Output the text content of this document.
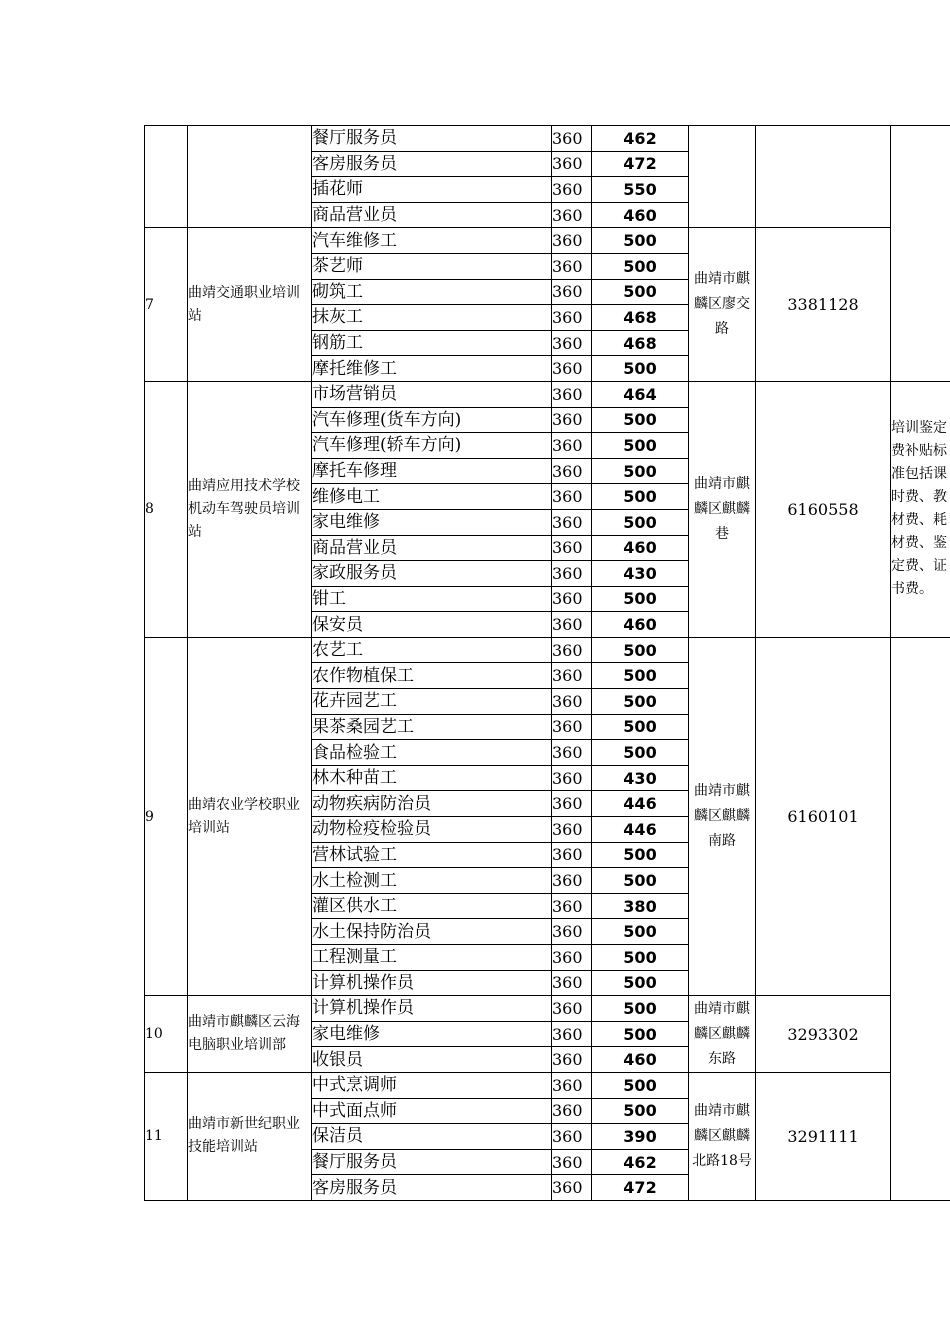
		餐厅服务员	360	462			
		客房服务员	360	472			
		插花师	360	550			
		商品营业员	360	460			
7	曲靖交通职业培训站	汽车维修工	360	500	曲靖市麒麟区廖交路	3381128	
		茶艺师	360	500			
		砌筑工	360	500			
		抹灰工	360	468			
		钢筋工	360	468			
		摩托维修工	360	500			
8	曲靖应用技术学校机动车驾驶员培训站	市场营销员	360	464	曲靖市麒麟区麒麟巷	6160558	培训鉴定费补贴标准包括课时费、教材费、耗材费、鉴定费、证书费。
		汽车修理(货车方向)	360	500			
		汽车修理(轿车方向)	360	500			
		摩托车修理	360	500			
		维修电工	360	500			
		家电维修	360	500			
		商品营业员	360	460			
		家政服务员	360	430			
		钳工	360	500			
		保安员	360	460			
9	曲靖农业学校职业培训站	农艺工	360	500	曲靖市麒麟区麒麟南路	6160101	
		农作物植保工	360	500			
		花卉园艺工	360	500			
		果茶桑园艺工	360	500			
		食品检验工	360	500			
		林木种苗工	360	430			
		动物疾病防治员	360	446			
		动物检疫检验员	360	446			
		营林试验工	360	500			
		水土检测工	360	500			
		灌区供水工	360	380			
		水土保持防治员	360	500			
		工程测量工	360	500			
		计算机操作员	360	500			
10	曲靖市麒麟区云海电脑职业培训部	计算机操作员	360	500	曲靖市麒麟区麒麟东路	3293302	
		家电维修	360	500			
		收银员	360	460			
11	曲靖市新世纪职业技能培训站	中式烹调师	360	500	曲靖市麒麟区麒麟北路18号	3291111	
		中式面点师	360	500			
		保洁员	360	390			
		餐厅服务员	360	462			
		客房服务员	360	472			
